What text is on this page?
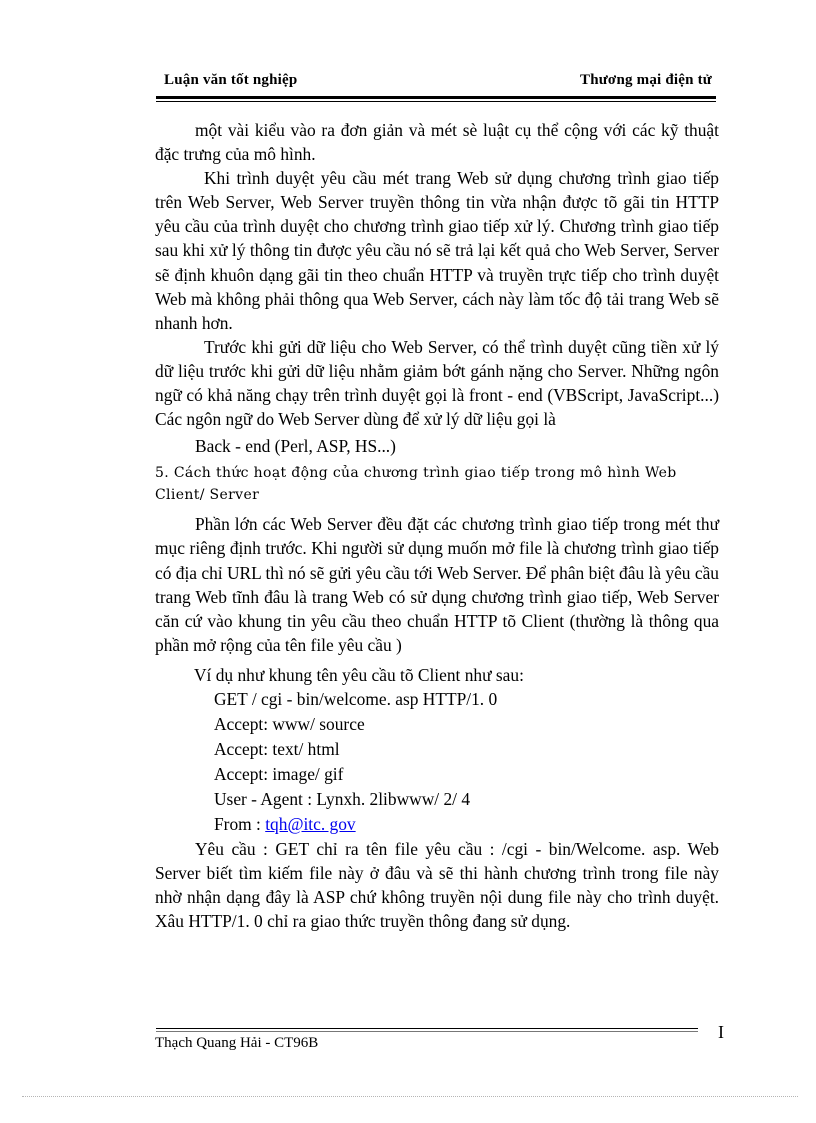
Luận văn tốt nghiệp	Thương mại điện tử

một vài kiểu vào ra đơn giản và mét sè luật cụ thể cộng với các kỹ thuật đặc trưng của mô hình.

Khi trình duyệt yêu cầu mét trang Web sử dụng chương trình giao tiếp trên Web Server, Web Server truyền thông tin vừa nhận được tõ gãi tin HTTP yêu cầu của trình duyệt cho chương trình giao tiếp xử lý. Chương trình giao tiếp sau khi xử lý thông tin được yêu cầu nó sẽ trả lại kết quả cho Web Server, Server sẽ định khuôn dạng gãi tin theo chuẩn HTTP và truyền trực tiếp cho trình duyệt Web mà không phải thông qua Web Server, cách này làm tốc độ tải trang Web sẽ nhanh hơn.

Trước khi gửi dữ liệu cho Web Server, có thể trình duyệt cũng tiền xử lý dữ liệu trước khi gửi dữ liệu nhằm giảm bớt gánh nặng cho Server. Những ngôn ngữ có khả năng chạy trên trình duyệt gọi là front - end (VBScript, JavaScript...) Các ngôn ngữ do Web Server dùng để xử lý dữ liệu gọi là

Back - end (Perl, ASP, HS...)

5. Cách thức hoạt động của chương trình giao tiếp trong mô hình Web Client/ Server

Phần lớn các Web Server đều đặt các chương trình giao tiếp trong mét thư mục riêng định trước. Khi người sử dụng muốn mở file là chương trình giao tiếp có địa chỉ URL thì nó sẽ gửi yêu cầu tới Web Server. Để phân biệt đâu là yêu cầu trang Web tĩnh đâu là trang Web có sử dụng chương trình giao tiếp, Web Server căn cứ vào khung tin yêu cầu theo chuẩn HTTP tõ Client (thường là thông qua phần mở rộng của tên file yêu cầu )

Ví dụ như khung tên yêu cầu tõ Client như sau:

GET / cgi - bin/welcome. asp HTTP/1. 0
Accept: www/ source
Accept: text/ html
Accept: image/ gif
User - Agent : Lynxh. 2libwww/ 2/ 4
From : tqh@itc. gov

Yêu cầu : GET chỉ ra tên file yêu cầu : /cgi - bin/Welcome. asp. Web Server biết tìm kiếm file này ở đâu và sẽ thi hành chương trình trong file này nhờ nhận dạng đây là ASP chứ không truyền nội dung file này cho trình duyệt. Xâu HTTP/1. 0 chỉ ra giao thức truyền thông đang sử dụng.

Thạch Quang Hải - CT96B
I
